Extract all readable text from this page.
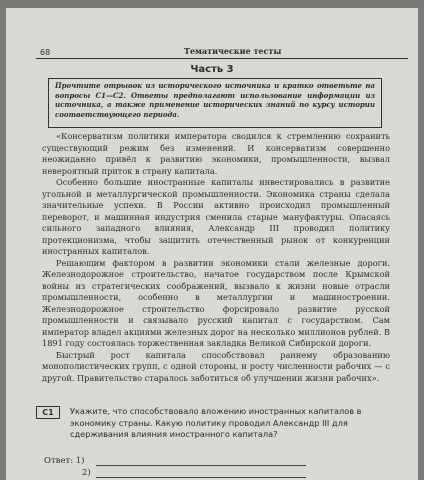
68	Тематические тесты
Часть 3
Прочтите отрывок из исторического источника и кратко ответьте на вопросы С1—С2. Ответы предполагают использование информации из источника, а также применение исторических знаний по курсу истории соответствующего периода.

«Консерватизм политики императора сводился к стремлению сохранить существующий режим без изменений. И консерватизм совершенно неожиданно привёл к развитию экономики, промышленности, вызвал невероятный приток в страну капитала.

Особенно большие иностранные капиталы инвестировались в развитие угольной и металлургической промышленности. Экономика страны сделала значительные успехи. В России активно происходил промышленный переворот, и машинная индустрия сменила старые мануфактуры. Опасаясь сильного западного влияния, Александр III проводил политику протекционизма, чтобы защитить отечественный рынок от конкуренции иностранных капиталов.

Решающим фактором в развитии экономики стали железные дороги. Железнодорожное строительство, начатое государством после Крымской войны из стратегических соображений, вызвало к жизни новые отрасли промышленности, особенно в металлургии и машиностроении. Железнодорожное строительство форсировало развитие русской промышленности и связывало русский капитал с государством. Сам император владел акциями железных дорог на несколько миллионов рублей. В 1891 году состоялась торжественная закладка Великой Сибирской дороги.

Быстрый рост капитала способствовал раннему образованию монополистических групп, с одной стороны, и росту численности рабочих — с другой. Правительство старалось заботиться об улучшении жизни рабочих».

С1	Укажите, что способствовало вложению иностранных капиталов в экономику страны. Какую политику проводил Александр III для сдерживания влияния иностранного капитала?
Ответ: 1)
2)
